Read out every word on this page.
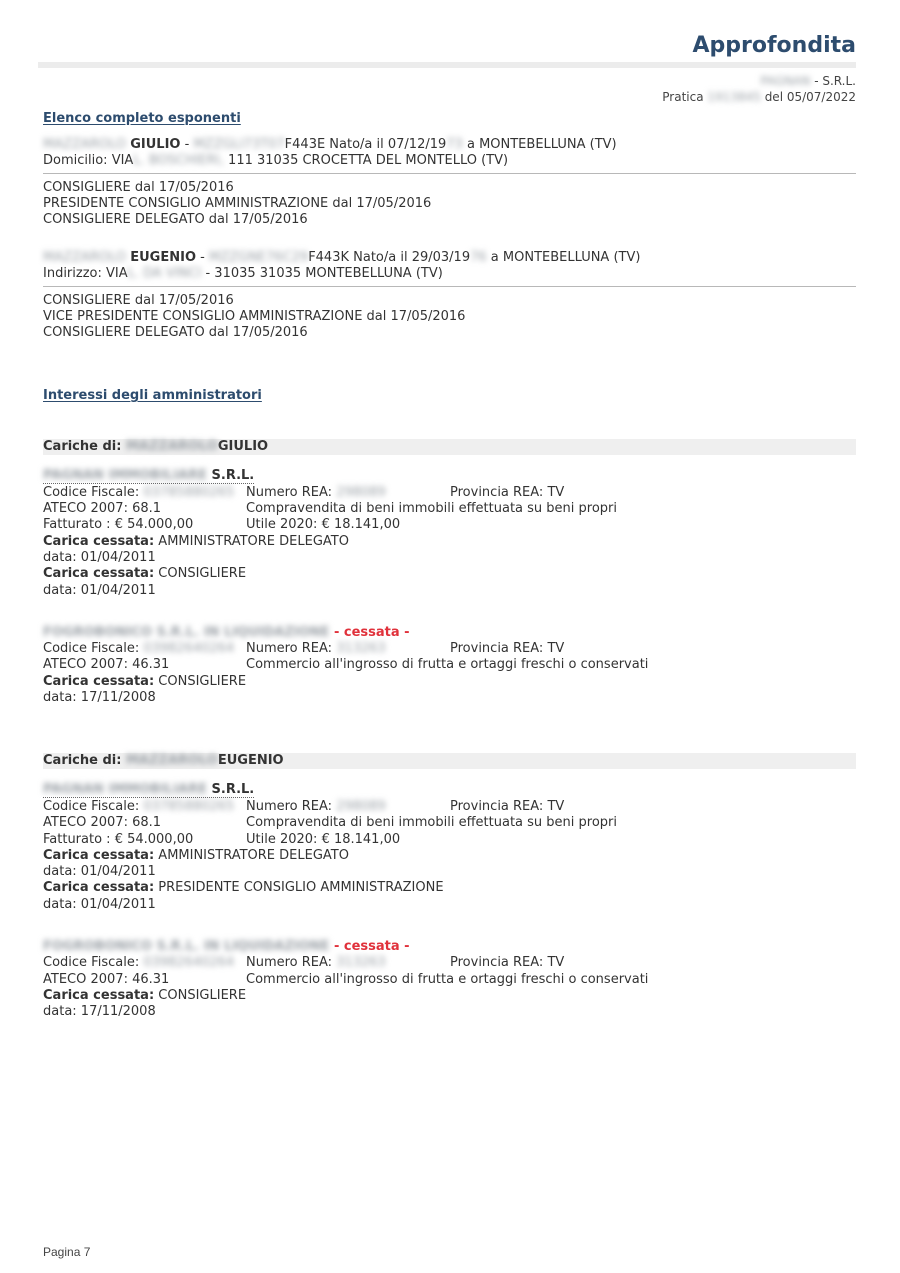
Approfondita
PAGNAN - S.R.L.
Pratica 1913845 del 05/07/2022
Elenco completo esponenti
MAZZAROLO GIULIO - MZZGLI73T07F443E Nato/a il 07/12/1973 a MONTEBELLUNA (TV)
Domicilio: VIAL. BOSCHIERI, 111 31035 CROCETTA DEL MONTELLO (TV)
CONSIGLIERE dal 17/05/2016
PRESIDENTE CONSIGLIO AMMINISTRAZIONE dal 17/05/2016
CONSIGLIERE DELEGATO dal 17/05/2016
MAZZAROLO EUGENIO - MZZGNE76C29F443K Nato/a il 29/03/1976 a MONTEBELLUNA (TV)
Indirizzo: VIAL. DA VINCI - 31035 31035 MONTEBELLUNA (TV)
CONSIGLIERE dal 17/05/2016
VICE PRESIDENTE CONSIGLIO AMMINISTRAZIONE dal 17/05/2016
CONSIGLIERE DELEGATO dal 17/05/2016
Interessi degli amministratori
Cariche di: MAZZAROLOGIULIO
PAGNAN IMMOBILIARE S.R.L.
Codice Fiscale: 03785880265 Numero REA: 298089	Provincia REA: TV
ATECO 2007: 68.1	Compravendita di beni immobili effettuata su beni propri
Fatturato : € 54.000,00	Utile 2020: € 18.141,00
Carica cessata: AMMINISTRATORE DELEGATO
data: 01/04/2011
Carica cessata: CONSIGLIERE
data: 01/04/2011
FOGROBONICO S.R.L. IN LIQUIDAZIONE - cessata -
Codice Fiscale: 03982640264 Numero REA: 313263	Provincia REA: TV
ATECO 2007: 46.31	Commercio all'ingrosso di frutta e ortaggi freschi o conservati
Carica cessata: CONSIGLIERE
data: 17/11/2008
Cariche di: MAZZAROLOEUGENIO
PAGNAN IMMOBILIARE S.R.L.
Codice Fiscale: 03785880265 Numero REA: 298089	Provincia REA: TV
ATECO 2007: 68.1	Compravendita di beni immobili effettuata su beni propri
Fatturato : € 54.000,00	Utile 2020: € 18.141,00
Carica cessata: AMMINISTRATORE DELEGATO
data: 01/04/2011
Carica cessata: PRESIDENTE CONSIGLIO AMMINISTRAZIONE
data: 01/04/2011
FOGROBONICO S.R.L. IN LIQUIDAZIONE - cessata -
Codice Fiscale: 03982640264 Numero REA: 313263	Provincia REA: TV
ATECO 2007: 46.31	Commercio all'ingrosso di frutta e ortaggi freschi o conservati
Carica cessata: CONSIGLIERE
data: 17/11/2008
Pagina 7
